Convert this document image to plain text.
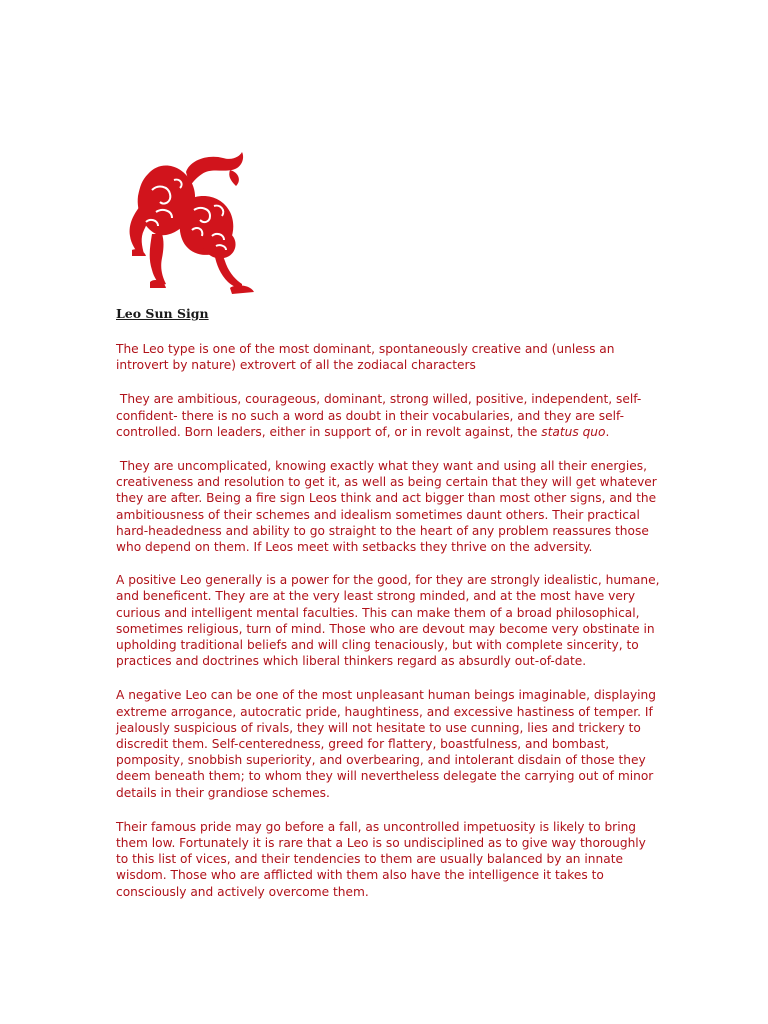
Leo Sun Sign

The Leo type is one of the most dominant, spontaneously creative and (unless an introvert by nature) extrovert of all the zodiacal characters

They are ambitious, courageous, dominant, strong willed, positive, independent, self-confident- there is no such a word as doubt in their vocabularies, and they are self-controlled. Born leaders, either in support of, or in revolt against, the status quo.

They are uncomplicated, knowing exactly what they want and using all their energies, creativeness and resolution to get it, as well as being certain that they will get whatever they are after. Being a fire sign Leos think and act bigger than most other signs, and the ambitiousness of their schemes and idealism sometimes daunt others. Their practical hard-headedness and ability to go straight to the heart of any problem reassures those who depend on them. If Leos meet with setbacks they thrive on the adversity.

A positive Leo generally is a power for the good, for they are strongly idealistic, humane, and beneficent. They are at the very least strong minded, and at the most have very curious and intelligent mental faculties. This can make them of a broad philosophical, sometimes religious, turn of mind. Those who are devout may become very obstinate in upholding traditional beliefs and will cling tenaciously, but with complete sincerity, to practices and doctrines which liberal thinkers regard as absurdly out-of-date.

A negative Leo can be one of the most unpleasant human beings imaginable, displaying extreme arrogance, autocratic pride, haughtiness, and excessive hastiness of temper. If jealously suspicious of rivals, they will not hesitate to use cunning, lies and trickery to discredit them. Self-centeredness, greed for flattery, boastfulness, and bombast, pomposity, snobbish superiority, and overbearing, and intolerant disdain of those they deem beneath them; to whom they will nevertheless delegate the carrying out of minor details in their grandiose schemes.

Their famous pride may go before a fall, as uncontrolled impetuosity is likely to bring them low. Fortunately it is rare that a Leo is so undisciplined as to give way thoroughly to this list of vices, and their tendencies to them are usually balanced by an innate wisdom. Those who are afflicted with them also have the intelligence it takes to consciously and actively overcome them.
